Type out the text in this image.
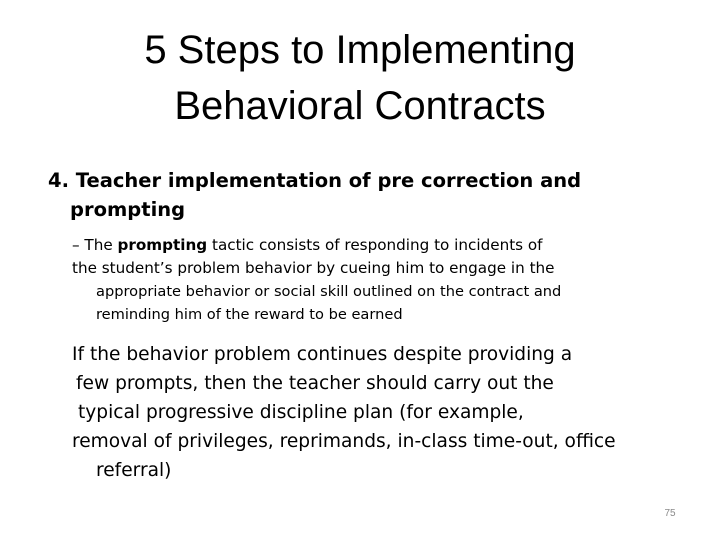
5 Steps to Implementing
Behavioral Contracts
4. Teacher implementation of pre correction and
prompting
– The prompting tactic consists of responding to incidents of
the student’s problem behavior by cueing him to engage in the
appropriate behavior or social skill outlined on the contract and
reminding him of the reward to be earned
If the behavior problem continues despite providing a
few prompts, then the teacher should carry out the
typical progressive discipline plan (for example,
removal of privileges, reprimands, in-class time-out, office
referral)
75
